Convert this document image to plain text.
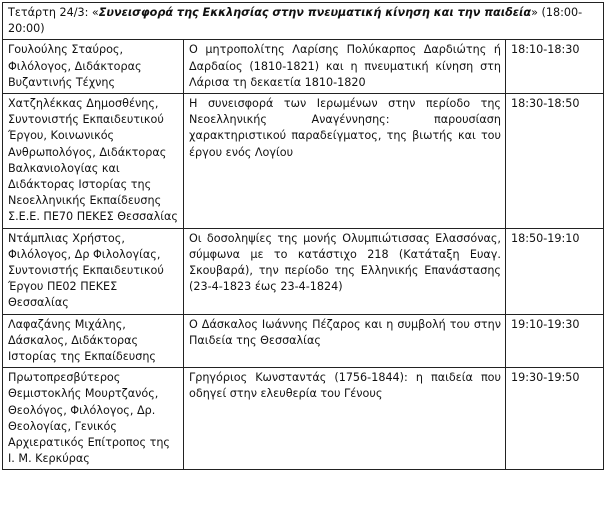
Τετάρτη 24/3: «Συνεισφορά της Εκκλησίας στην πνευματική κίνηση και την παιδεία» (18:00-20:00)		
Γουλούλης Σταύρος, Φιλόλογος, Διδάκτορας Βυζαντινής Τέχνης	Ο μητροπολίτης Λαρίσης Πολύκαρπος Δαρδιώτης ή Δαρδαίος (1810-1821) και η πνευματική κίνηση στη Λάρισα τη δεκαετία 1810-1820	18:10-18:30
Χατζηλέκκας Δημοσθένης, Συντονιστής Εκπαιδευτικού Έργου, Κοινωνικός Ανθρωπολόγος, Διδάκτορας Βαλκανιολογίας και Διδάκτορας Ιστορίας της Νεοελληνικής Εκπαίδευσης Σ.Ε.Ε. ΠΕ70 ΠΕΚΕΣ Θεσσαλίας	Η συνεισφορά των Ιερωμένων στην περίοδο της Νεοελληνικής Αναγέννησης: παρουσίαση χαρακτηριστικού παραδείγματος, της βιωτής και του έργου ενός Λογίου	18:30-18:50
Ντάμπλιας Χρήστος, Φιλόλογος, Δρ Φιλολογίας, Συντονιστής Εκπαιδευτικού Έργου ΠΕ02 ΠΕΚΕΣ Θεσσαλίας	Οι δοσοληψίες της μονής Ολυμπιώτισσας Ελασσόνας, σύμφωνα με το κατάστιχο 218 (Κατάταξη Ευαγ. Σκουβαρά), την περίοδο της Ελληνικής Επανάστασης (23-4-1823 έως 23-4-1824)	18:50-19:10
Λαφαζάνης Μιχάλης, Δάσκαλος, Διδάκτορας Ιστορίας της Εκπαίδευσης	Ο Δάσκαλος Ιωάννης Πέζαρος και η συμβολή του στην Παιδεία της Θεσσαλίας	19:10-19:30
Πρωτοπρεσβύτερος Θεμιστοκλής Μουρτζανός, Θεολόγος, Φιλόλογος, Δρ. Θεολογίας, Γενικός Αρχιερατικός Επίτροπος της Ι. Μ. Κερκύρας	Γρηγόριος Κωνσταντάς (1756-1844): η παιδεία που οδηγεί στην ελευθερία του Γένους	19:30-19:50
